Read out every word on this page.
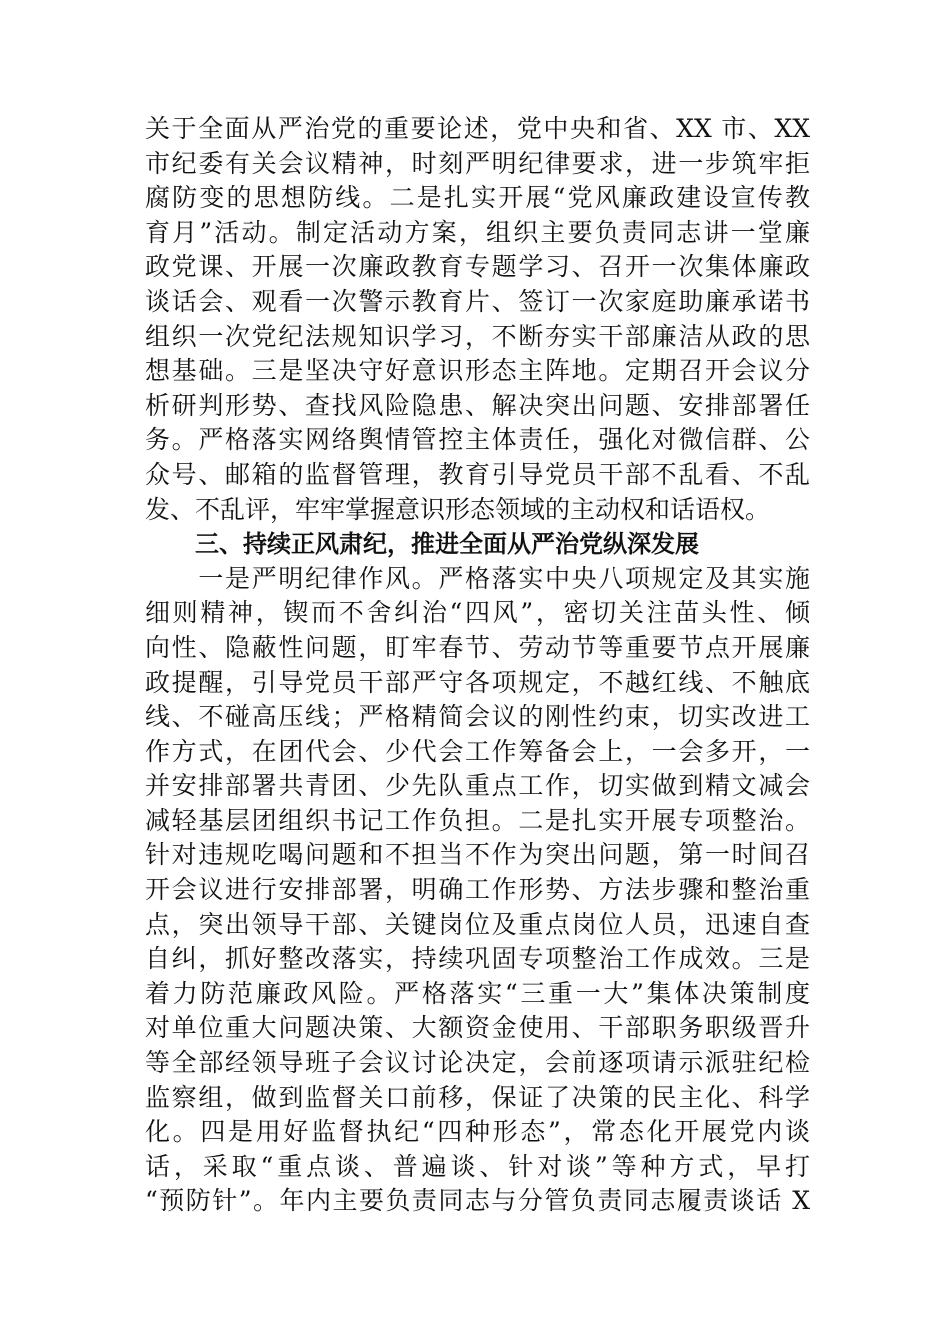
关于全面从严治党的重要论述，党中央和省、XX 市、XX
市纪委有关会议精神，时刻严明纪律要求，进一步筑牢拒
腐防变的思想防线。二是扎实开展“党风廉政建设宣传教
育月”活动。制定活动方案，组织主要负责同志讲一堂廉
政党课、开展一次廉政教育专题学习、召开一次集体廉政
谈话会、观看一次警示教育片、签订一次家庭助廉承诺书
组织一次党纪法规知识学习，不断夯实干部廉洁从政的思
想基础。三是坚决守好意识形态主阵地。定期召开会议分
析研判形势、查找风险隐患、解决突出问题、安排部署任
务。严格落实网络舆情管控主体责任，强化对微信群、公
众号、邮箱的监督管理，教育引导党员干部不乱看、不乱
发、不乱评，牢牢掌握意识形态领域的主动权和话语权。
三、持续正风肃纪，推进全面从严治党纵深发展
　　一是严明纪律作风。严格落实中央八项规定及其实施
细则精神，锲而不舍纠治“四风”，密切关注苗头性、倾
向性、隐蔽性问题，盯牢春节、劳动节等重要节点开展廉
政提醒，引导党员干部严守各项规定，不越红线、不触底
线、不碰高压线；严格精简会议的刚性约束，切实改进工
作方式，在团代会、少代会工作筹备会上，一会多开，一
并安排部署共青团、少先队重点工作，切实做到精文减会
减轻基层团组织书记工作负担。二是扎实开展专项整治。
针对违规吃喝问题和不担当不作为突出问题，第一时间召
开会议进行安排部署，明确工作形势、方法步骤和整治重
点，突出领导干部、关键岗位及重点岗位人员，迅速自查
自纠，抓好整改落实，持续巩固专项整治工作成效。三是
着力防范廉政风险。严格落实“三重一大”集体决策制度
对单位重大问题决策、大额资金使用、干部职务职级晋升
等全部经领导班子会议讨论决定，会前逐项请示派驻纪检
监察组，做到监督关口前移，保证了决策的民主化、科学
化。四是用好监督执纪“四种形态”，常态化开展党内谈
话，采取“重点谈、普遍谈、针对谈”等种方式，早打
“预防针”。年内主要负责同志与分管负责同志履责谈话 X
